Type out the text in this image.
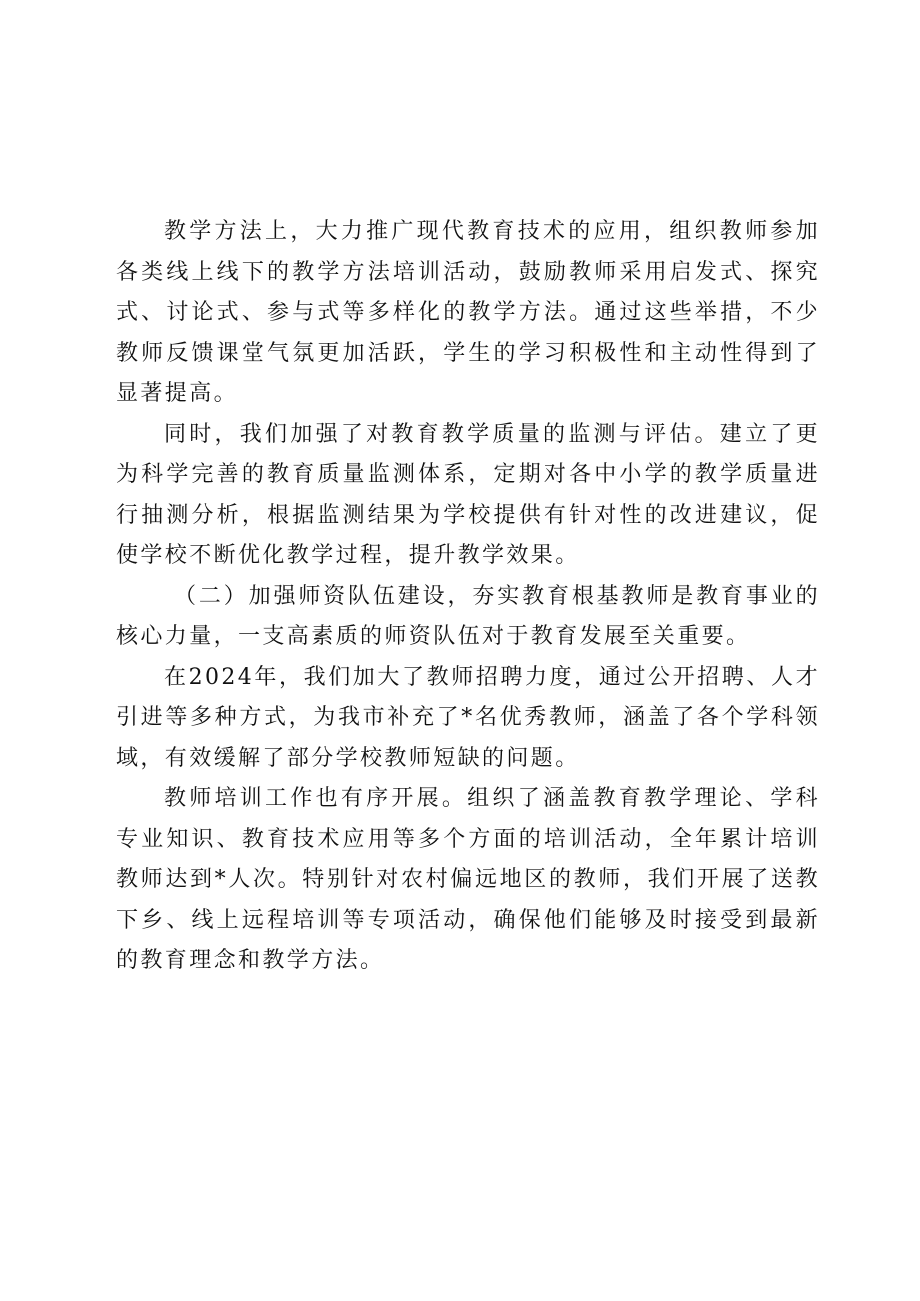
教学方法上，大力推广现代教育技术的应用，组织教师参加各类线上线下的教学方法培训活动，鼓励教师采用启发式、探究式、讨论式、参与式等多样化的教学方法。通过这些举措，不少教师反馈课堂气氛更加活跃，学生的学习积极性和主动性得到了显著提高。

同时，我们加强了对教育教学质量的监测与评估。建立了更为科学完善的教育质量监测体系，定期对各中小学的教学质量进行抽测分析，根据监测结果为学校提供有针对性的改进建议，促使学校不断优化教学过程，提升教学效果。

（二）加强师资队伍建设，夯实教育根基教师是教育事业的核心力量，一支高素质的师资队伍对于教育发展至关重要。

在2024年，我们加大了教师招聘力度，通过公开招聘、人才引进等多种方式，为我市补充了*名优秀教师，涵盖了各个学科领域，有效缓解了部分学校教师短缺的问题。

教师培训工作也有序开展。组织了涵盖教育教学理论、学科专业知识、教育技术应用等多个方面的培训活动，全年累计培训教师达到*人次。特别针对农村偏远地区的教师，我们开展了送教下乡、线上远程培训等专项活动，确保他们能够及时接受到最新的教育理念和教学方法。
